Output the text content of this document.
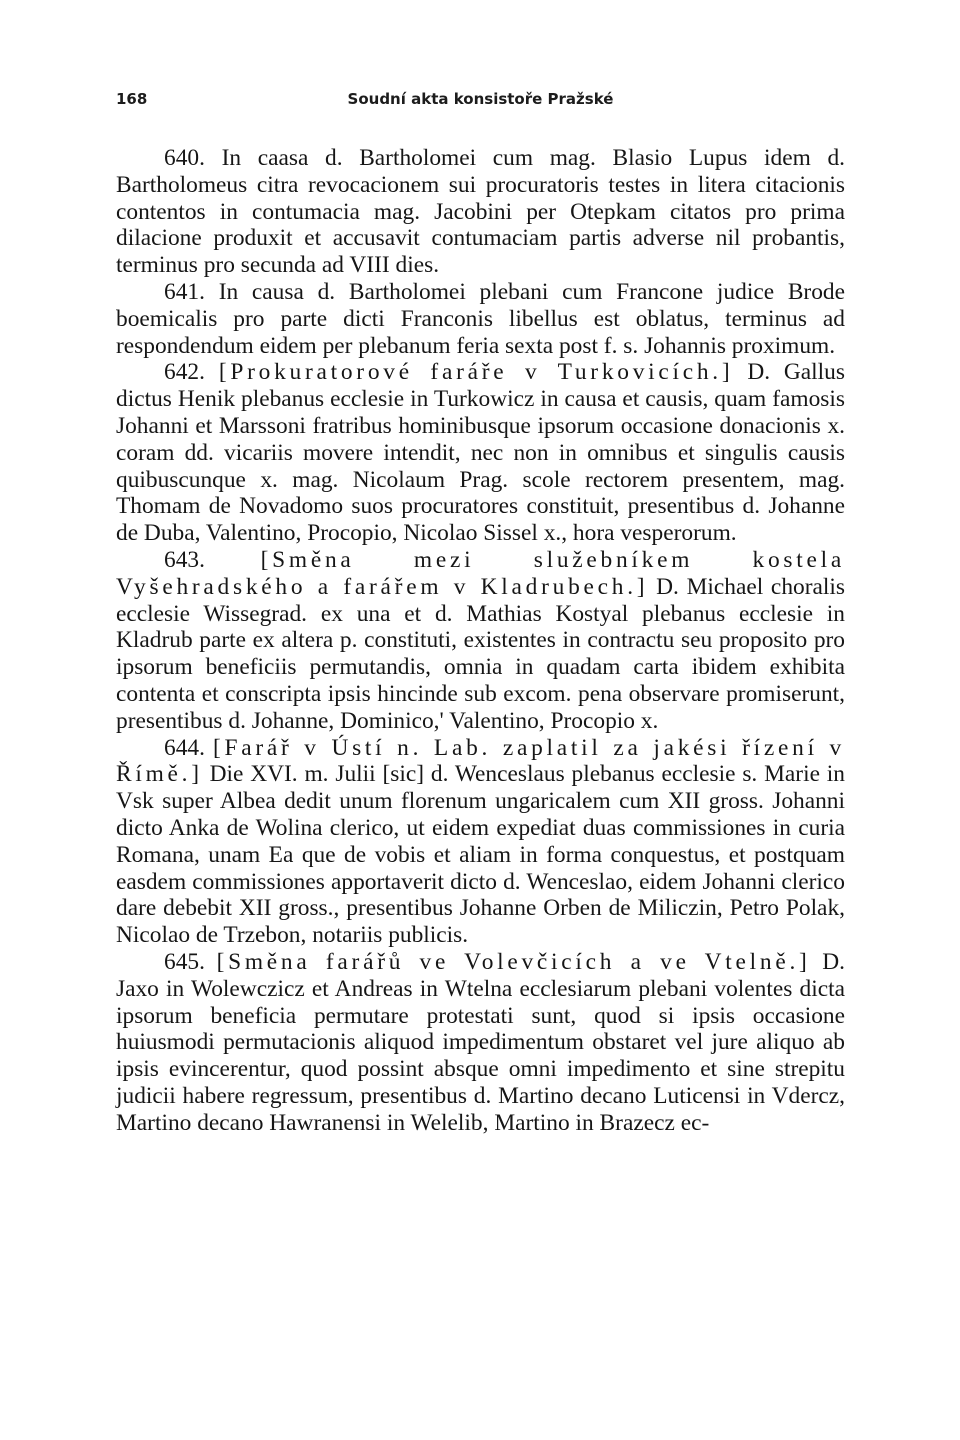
168	Soudní akta konsistoře Pražské

640. In caasa d. Bartholomei cum mag. Blasio Lupus idem d. Bartholomeus citra revocacionem sui procuratoris testes in litera citacionis contentos in contumacia mag. Jacobini per Otepkam citatos pro prima dilacione produxit et accusavit contumaciam partis adverse nil probantis, terminus pro secunda ad VIII dies.

641. In causa d. Bartholomei plebani cum Francone judice Brode boemicalis pro parte dicti Franconis libellus est oblatus, terminus ad respondendum eidem per plebanum feria sexta post f. s. Johannis proximum.

642. [Prokuratorové faráře v Turkovicích.] D. Gallus dictus Henik plebanus ecclesie in Turkowicz in causa et causis, quam famosis Johanni et Marssoni fratribus hominibusque ipsorum occasione donacionis x. coram dd. vicariis movere intendit, nec non in omnibus et singulis causis quibuscunque x. mag. Nicolaum Prag. scole rectorem presentem, mag. Thomam de Novadomo suos procuratores constituit, presentibus d. Johanne de Duba, Valentino, Procopio, Nicolao Sissel x., hora vesperorum.

643. [Směna mezi služebníkem kostela Vyšehradského a farářem v Kladrubech.] D. Michael choralis ecclesie Wissegrad. ex una et d. Mathias Kostyal plebanus ecclesie in Kladrub parte ex altera p. constituti, existentes in contractu seu proposito pro ipsorum beneficiis permutandis, omnia in quadam carta ibidem exhibita contenta et conscripta ipsis hincinde sub excom. pena observare promiserunt, presentibus d. Johanne, Dominico,' Valentino, Procopio x.

644. [Farář v Ústí n. Lab. zaplatil za jakési řízení v Římě.] Die XVI. m. Julii [sic] d. Wenceslaus plebanus ecclesie s. Marie in Vsk super Albea dedit unum florenum ungaricalem cum XII gross. Johanni dicto Anka de Wolina clerico, ut eidem expediat duas commissiones in curia Romana, unam Ea que de vobis et aliam in forma conquestus, et postquam easdem commissiones apportaverit dicto d. Wenceslao, eidem Johanni clerico dare debebit XII gross., presentibus Johanne Orben de Miliczin, Petro Polak, Nicolao de Trzebon, notariis publicis.

645. [Směna farářů ve Volevčicích a ve Vtelně.] D. Jaxo in Wolewczicz et Andreas in Wtelna ecclesiarum plebani volentes dicta ipsorum beneficia permutare protestati sunt, quod si ipsis occasione huiusmodi permutacionis aliquod impedimentum obstaret vel jure aliquo ab ipsis evincerentur, quod possint absque omni impedimento et sine strepitu judicii habere regressum, presentibus d. Martino decano Luticensi in Vdercz, Martino decano Hawranensi in Welelib, Martino in Brazecz ec-
